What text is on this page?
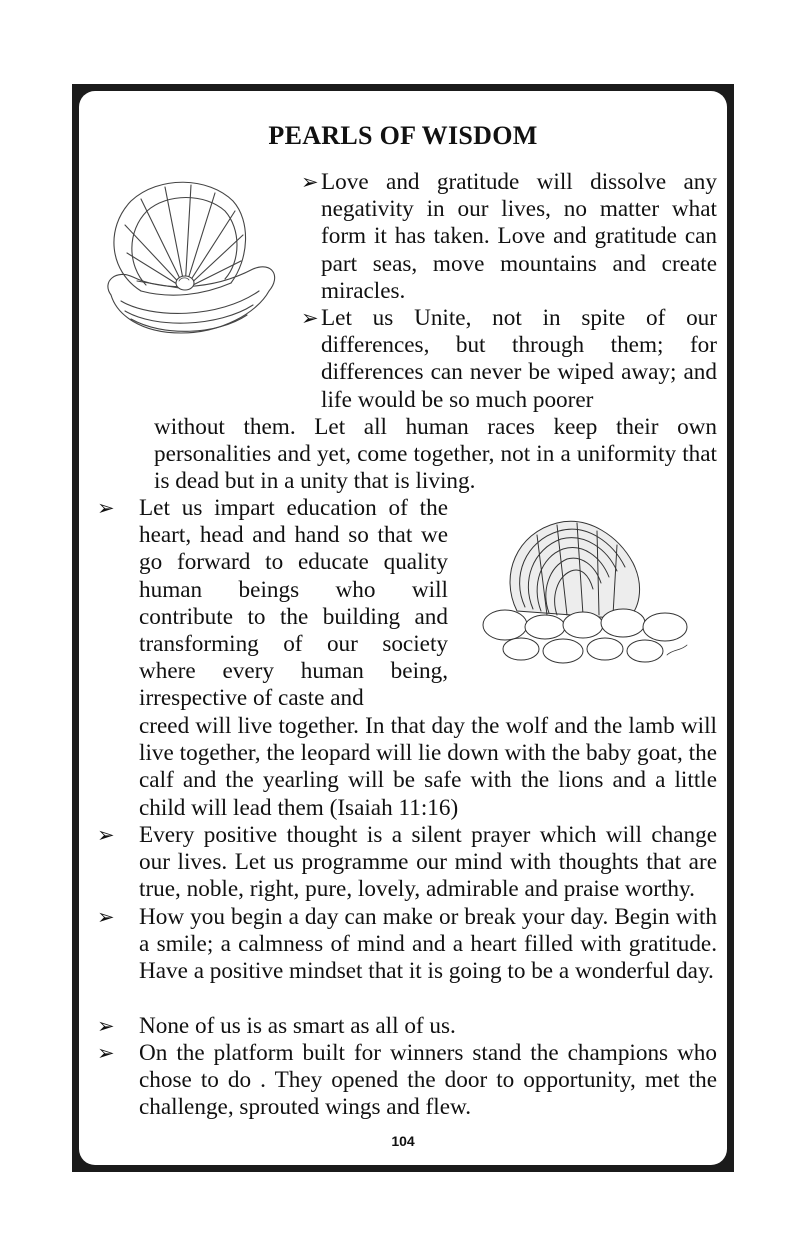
PEARLS OF WISDOM
➢ Love and gratitude will dissolve any negativity in our lives, no matter what form it has taken. Love and gratitude can part seas, move mountains and create miracles.

➢ Let us Unite, not in spite of our differences, but through them; for differences can never be wiped away; and life would be so much poorer

without them. Let all human races keep their own personalities and yet, come together, not in a uniformity that is dead but in a unity that is living.

➢ Let us impart education of the heart, head and hand so that we go forward to educate quality human beings who will contribute to the building and transforming of our society where every human being, irrespective of caste and

creed will live together. In that day the wolf and the lamb will live together, the leopard will lie down with the baby goat, the calf and the yearling will be safe with the lions and a little child will lead them (Isaiah 11:16)

➢ Every positive thought is a silent prayer which will change our lives. Let us programme our mind with thoughts that are true, noble, right, pure, lovely, admirable and praise worthy.

➢ How you begin a day can make or break your day. Begin with a smile; a calmness of mind and a heart filled with gratitude. Have a positive mindset that it is going to be a wonderful day.

➢ None of us is as smart as all of us.

➢ On the platform built for winners stand the champions who chose to do . They opened the door to opportunity, met the challenge, sprouted wings and flew.

104
